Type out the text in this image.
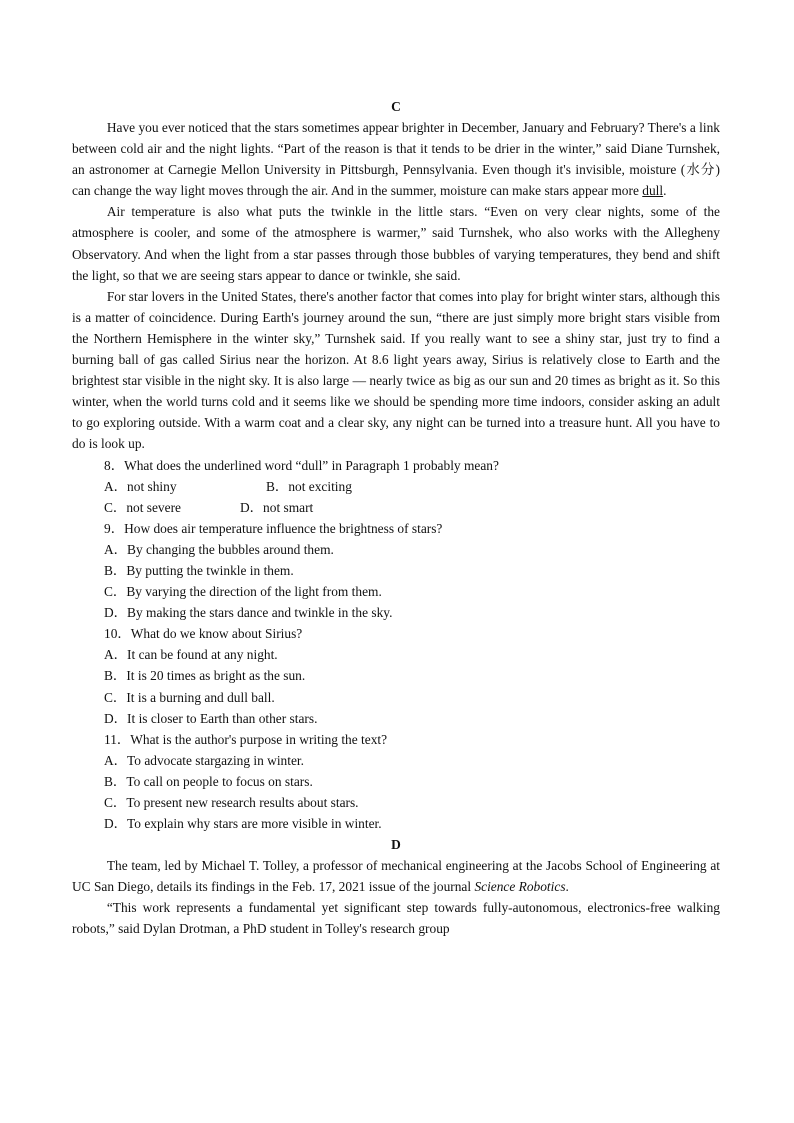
C

Have you ever noticed that the stars sometimes appear brighter in December, January and February? There's a link between cold air and the night lights. “Part of the reason is that it tends to be drier in the winter,” said Diane Turnshek, an astronomer at Carnegie Mellon University in Pittsburgh, Pennsylvania. Even though it's invisible, moisture (水分) can change the way light moves through the air. And in the summer, moisture can make stars appear more dull.

Air temperature is also what puts the twinkle in the little stars. “Even on very clear nights, some of the atmosphere is cooler, and some of the atmosphere is warmer,” said Turnshek, who also works with the Allegheny Observatory. And when the light from a star passes through those bubbles of varying temperatures, they bend and shift the light, so that we are seeing stars appear to dance or twinkle, she said.

For star lovers in the United States, there's another factor that comes into play for bright winter stars, although this is a matter of coincidence. During Earth's journey around the sun, “there are just simply more bright stars visible from the Northern Hemisphere in the winter sky,” Turnshek said. If you really want to see a shiny star, just try to find a burning ball of gas called Sirius near the horizon. At 8.6 light years away, Sirius is relatively close to Earth and the brightest star visible in the night sky. It is also large — nearly twice as big as our sun and 20 times as bright as it. So this winter, when the world turns cold and it seems like we should be spending more time indoors, consider asking an adult to go exploring outside. With a warm coat and a clear sky, any night can be turned into a treasure hunt. All you have to do is look up.

8．What does the underlined word “dull” in Paragraph 1 probably mean?
A．not shiny	B．not exciting
C．not severe	D．not smart
9．How does air temperature influence the brightness of stars?
A．By changing the bubbles around them.
B．By putting the twinkle in them.
C．By varying the direction of the light from them.
D．By making the stars dance and twinkle in the sky.
10．What do we know about Sirius?
A．It can be found at any night.
B．It is 20 times as bright as the sun.
C．It is a burning and dull ball.
D．It is closer to Earth than other stars.
11．What is the author's purpose in writing the text?
A．To advocate stargazing in winter.
B．To call on people to focus on stars.
C．To present new research results about stars.
D．To explain why stars are more visible in winter.
D

The team, led by Michael T. Tolley, a professor of mechanical engineering at the Jacobs School of Engineering at UC San Diego, details its findings in the Feb. 17, 2021 issue of the journal Science Robotics.

“This work represents a fundamental yet significant step towards fully-autonomous, electronics-free walking robots,” said Dylan Drotman, a PhD student in Tolley's research group
